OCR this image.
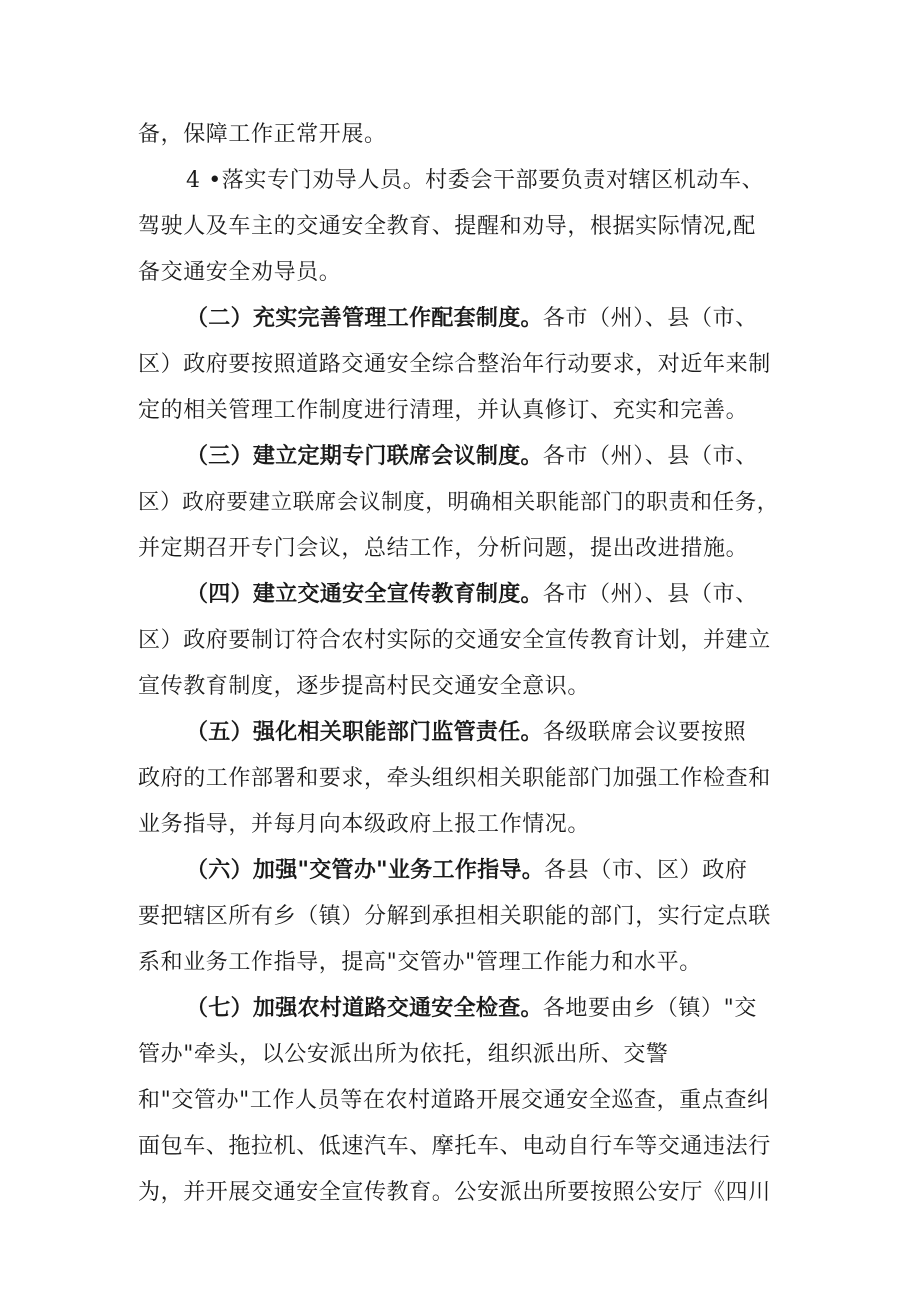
备，保障工作正常开展。
4 •落实专门劝导人员。村委会干部要负责对辖区机动车、
驾驶人及车主的交通安全教育、提醒和劝导，根据实际情况,配
备交通安全劝导员。
（二）充实完善管理工作配套制度。各市（州）、县（市、
区）政府要按照道路交通安全综合整治年行动要求，对近年来制
定的相关管理工作制度进行清理，并认真修订、充实和完善。
（三）建立定期专门联席会议制度。各市（州）、县（市、
区）政府要建立联席会议制度，明确相关职能部门的职责和任务，
并定期召开专门会议，总结工作，分析问题，提出改进措施。
（四）建立交通安全宣传教育制度。各市（州）、县（市、
区）政府要制订符合农村实际的交通安全宣传教育计划，并建立
宣传教育制度，逐步提高村民交通安全意识。
（五）强化相关职能部门监管责任。各级联席会议要按照
政府的工作部署和要求，牵头组织相关职能部门加强工作检查和
业务指导，并每月向本级政府上报工作情况。
（六）加强"交管办"业务工作指导。各县（市、区）政府
要把辖区所有乡（镇）分解到承担相关职能的部门，实行定点联
系和业务工作指导，提高"交管办"管理工作能力和水平。
（七）加强农村道路交通安全检查。各地要由乡（镇）"交
管办"牵头，以公安派出所为依托，组织派出所、交警
和"交管办"工作人员等在农村道路开展交通安全巡查，重点查纠
面包车、拖拉机、低速汽车、摩托车、电动自行车等交通违法行
为，并开展交通安全宣传教育。公安派出所要按照公安厅《四川
